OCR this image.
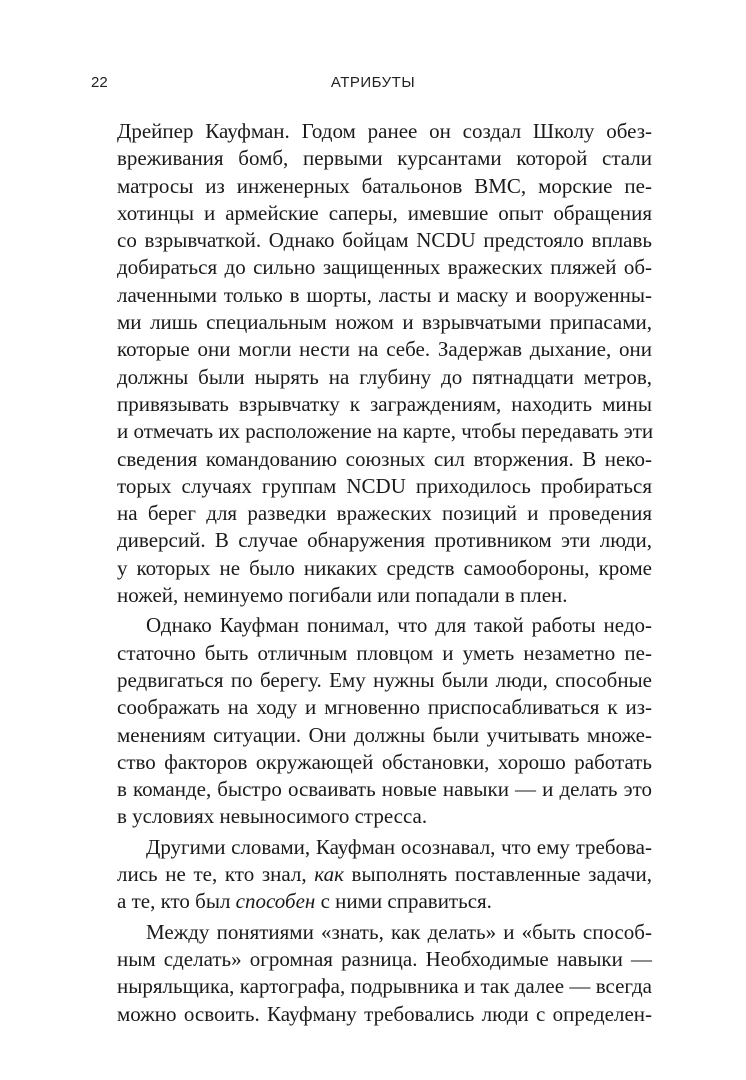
22	АТРИБУТЫ
Дрейпер Кауфман. Годом ранее он создал Школу обез-
вреживания бомб, первыми курсантами которой стали
матросы из инженерных батальонов ВМС, морские пе-
хотинцы и армейские саперы, имевшие опыт обращения
со взрывчаткой. Однако бойцам NCDU предстояло вплавь
добираться до сильно защищенных вражеских пляжей об-
лаченными только в шорты, ласты и маску и вооруженны-
ми лишь специальным ножом и взрывчатыми припасами,
которые они могли нести на себе. Задержав дыхание, они
должны были нырять на глубину до пятнадцати метров,
привязывать взрывчатку к заграждениям, находить мины
и отмечать их расположение на карте, чтобы передавать эти
сведения командованию союзных сил вторжения. В неко-
торых случаях группам NCDU приходилось пробираться
на берег для разведки вражеских позиций и проведения
диверсий. В случае обнаружения противником эти люди,
у которых не было никаких средств самообороны, кроме
ножей, неминуемо погибали или попадали в плен.
Однако Кауфман понимал, что для такой работы недо-
статочно быть отличным пловцом и уметь незаметно пе-
редвигаться по берегу. Ему нужны были люди, способные
соображать на ходу и мгновенно приспосабливаться к из-
менениям ситуации. Они должны были учитывать множе-
ство факторов окружающей обстановки, хорошо работать
в команде, быстро осваивать новые навыки — и делать это
в условиях невыносимого стресса.
Другими словами, Кауфман осознавал, что ему требова-
лись не те, кто знал, как выполнять поставленные задачи,
а те, кто был способен с ними справиться.
Между понятиями «знать, как делать» и «быть способ-
ным сделать» огромная разница. Необходимые навыки —
ныряльщика, картографа, подрывника и так далее — всегда
можно освоить. Кауфману требовались люди с определен-
